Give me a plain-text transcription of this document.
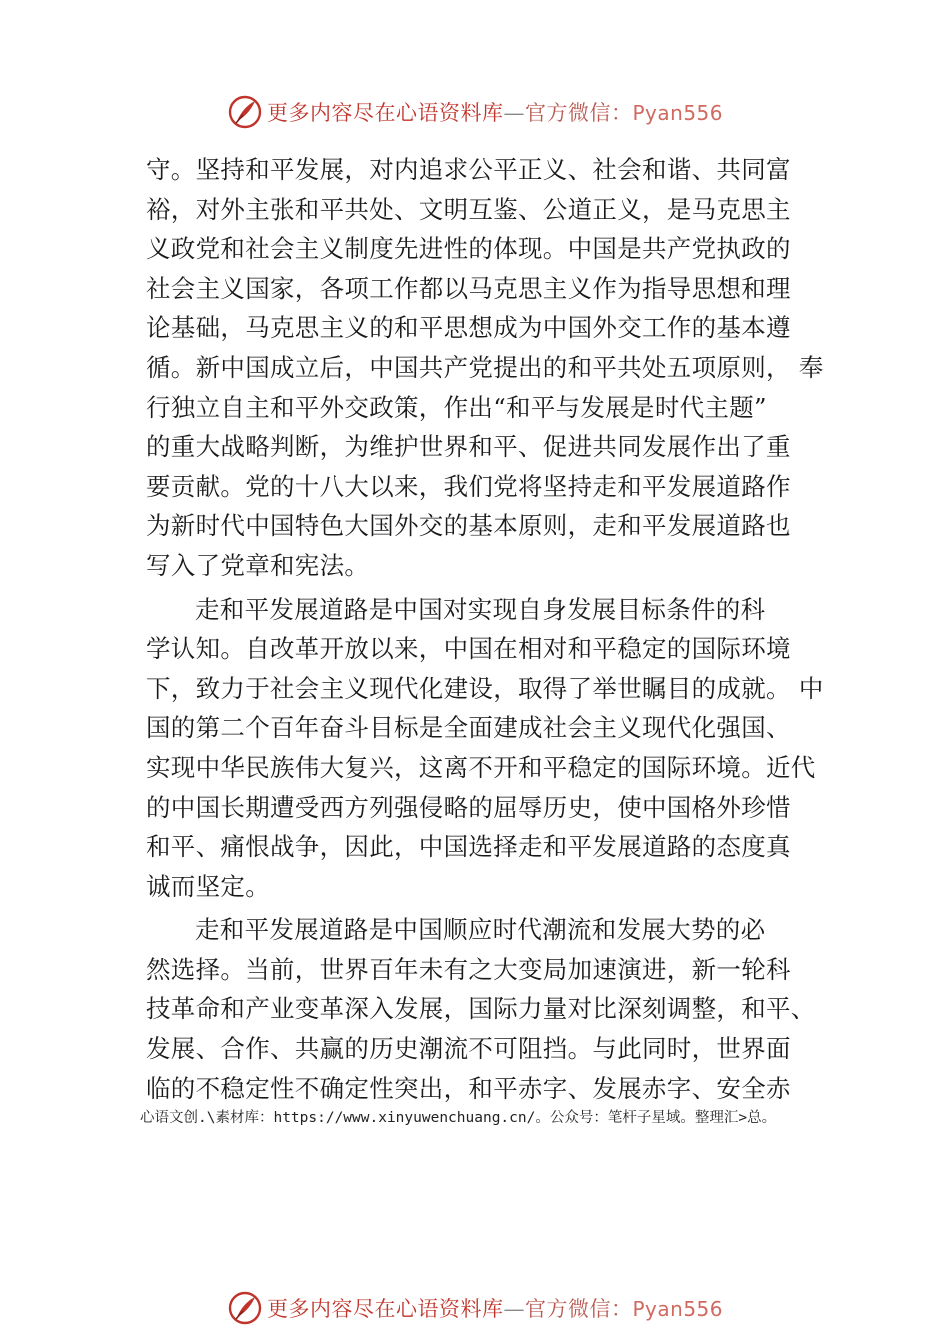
更多内容尽在心语资料库—官方微信：Pyan556
守。坚持和平发展，对内追求公平正义、社会和谐、共同富
裕，对外主张和平共处、文明互鉴、公道正义，是马克思主
义政党和社会主义制度先进性的体现。中国是共产党执政的
社会主义国家，各项工作都以马克思主义作为指导思想和理
论基础，马克思主义的和平思想成为中国外交工作的基本遵
循。新中国成立后，中国共产党提出的和平共处五项原则， 奉
行独立自主和平外交政策，作出“和平与发展是时代主题”
的重大战略判断，为维护世界和平、促进共同发展作出了重
要贡献。党的十八大以来，我们党将坚持走和平发展道路作
为新时代中国特色大国外交的基本原则，走和平发展道路也
写入了党章和宪法。
走和平发展道路是中国对实现自身发展目标条件的科
学认知。自改革开放以来，中国在相对和平稳定的国际环境
下，致力于社会主义现代化建设，取得了举世瞩目的成就。 中
国的第二个百年奋斗目标是全面建成社会主义现代化强国、
实现中华民族伟大复兴，这离不开和平稳定的国际环境。近代
的中国长期遭受西方列强侵略的屈辱历史，使中国格外珍惜
和平、痛恨战争，因此，中国选择走和平发展道路的态度真
诚而坚定。
走和平发展道路是中国顺应时代潮流和发展大势的必
然选择。当前，世界百年未有之大变局加速演进，新一轮科
技革命和产业变革深入发展，国际力量对比深刻调整，和平、
发展、合作、共赢的历史潮流不可阻挡。与此同时，世界面
临的不稳定性不确定性突出，和平赤字、发展赤字、安全赤
心语文创.\素材库：https://www.xinyuwenchuang.cn/。公众号：笔杆子星域。整理汇>总。
更多内容尽在心语资料库—官方微信：Pyan556
